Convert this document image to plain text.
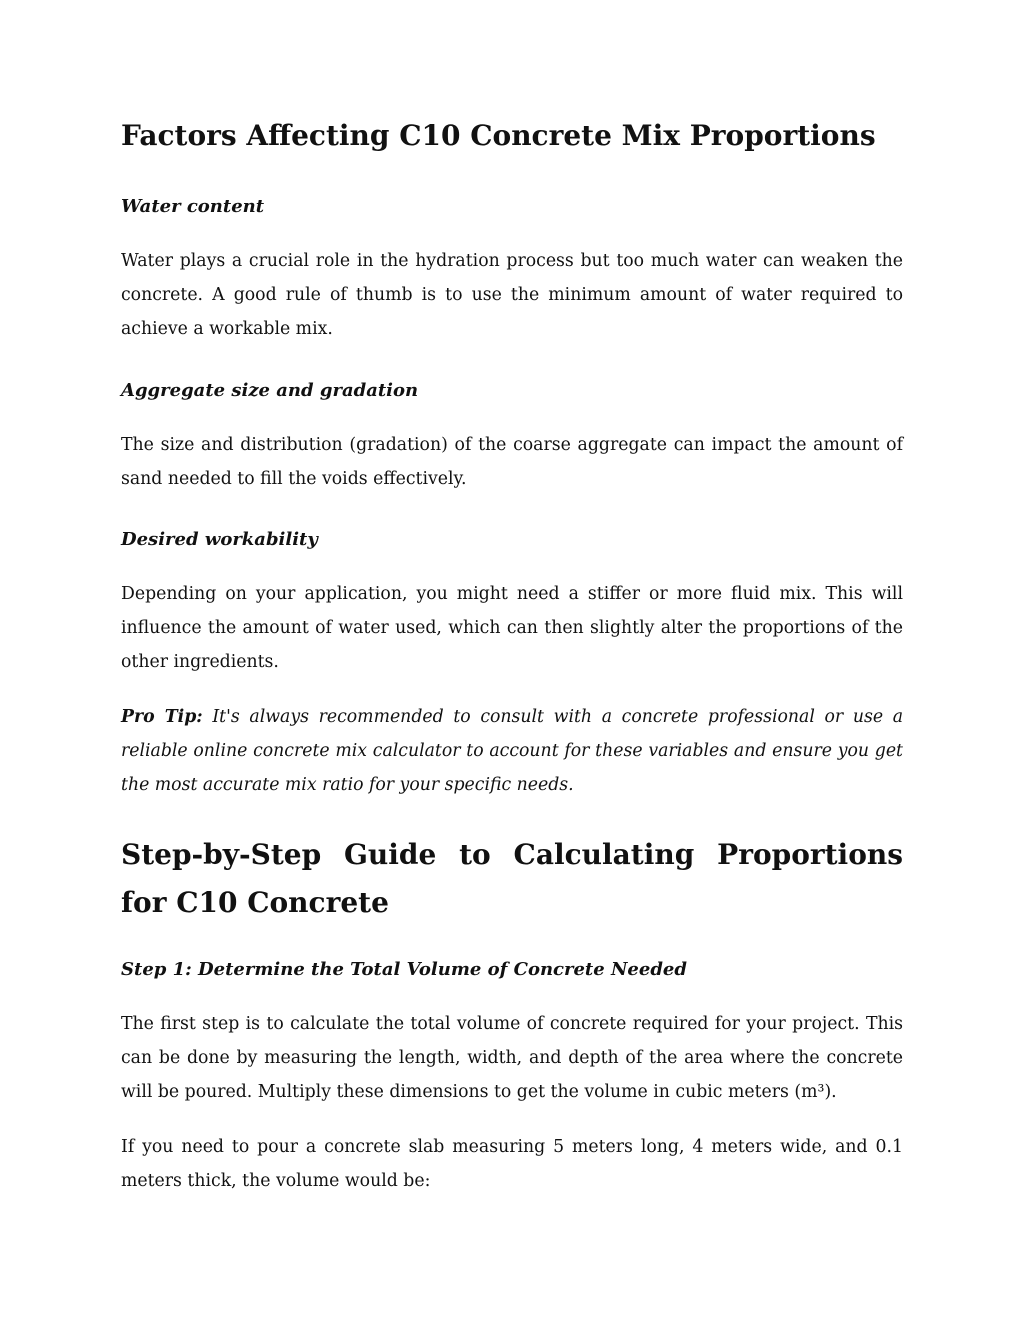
Factors Affecting C10 Concrete Mix Proportions
Water content

Water plays a crucial role in the hydration process but too much water can weaken the concrete. A good rule of thumb is to use the minimum amount of water required to achieve a workable mix.

Aggregate size and gradation

The size and distribution (gradation) of the coarse aggregate can impact the amount of sand needed to fill the voids effectively.

Desired workability

Depending on your application, you might need a stiffer or more fluid mix. This will influence the amount of water used, which can then slightly alter the proportions of the other ingredients.

Pro Tip: It's always recommended to consult with a concrete professional or use a reliable online concrete mix calculator to account for these variables and ensure you get the most accurate mix ratio for your specific needs.

Step-by-Step Guide to Calculating Proportions for C10 Concrete
Step 1: Determine the Total Volume of Concrete Needed

The first step is to calculate the total volume of concrete required for your project. This can be done by measuring the length, width, and depth of the area where the concrete will be poured. Multiply these dimensions to get the volume in cubic meters (m³).

If you need to pour a concrete slab measuring 5 meters long, 4 meters wide, and 0.1 meters thick, the volume would be:
